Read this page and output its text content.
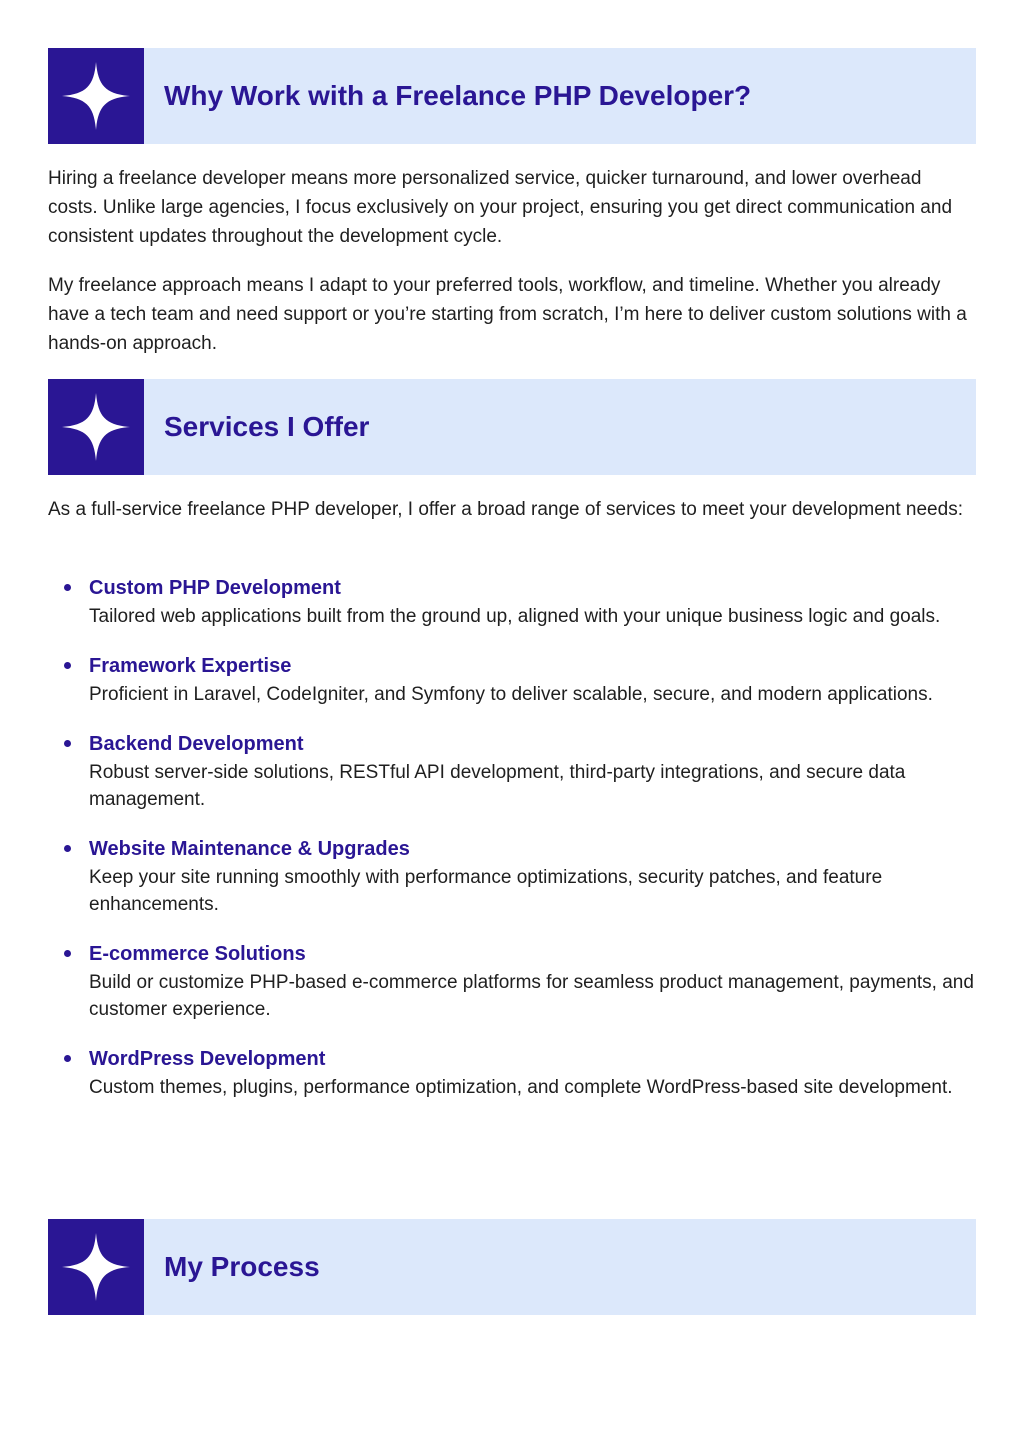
Why Work with a Freelance PHP Developer?

Hiring a freelance developer means more personalized service, quicker turnaround, and lower overhead costs. Unlike large agencies, I focus exclusively on your project, ensuring you get direct communication and consistent updates throughout the development cycle.

My freelance approach means I adapt to your preferred tools, workflow, and timeline. Whether you already have a tech team and need support or you’re starting from scratch, I’m here to deliver custom solutions with a hands-on approach.

Services I Offer

As a full-service freelance PHP developer, I offer a broad range of services to meet your development needs:

Custom PHP Development
Tailored web applications built from the ground up, aligned with your unique business logic and goals.
Framework Expertise
Proficient in Laravel, CodeIgniter, and Symfony to deliver scalable, secure, and modern applications.
Backend Development
Robust server-side solutions, RESTful API development, third-party integrations, and secure data management.
Website Maintenance & Upgrades
Keep your site running smoothly with performance optimizations, security patches, and feature enhancements.
E-commerce Solutions
Build or customize PHP-based e-commerce platforms for seamless product management, payments, and customer experience.
WordPress Development
Custom themes, plugins, performance optimization, and complete WordPress-based site development.
My Process
